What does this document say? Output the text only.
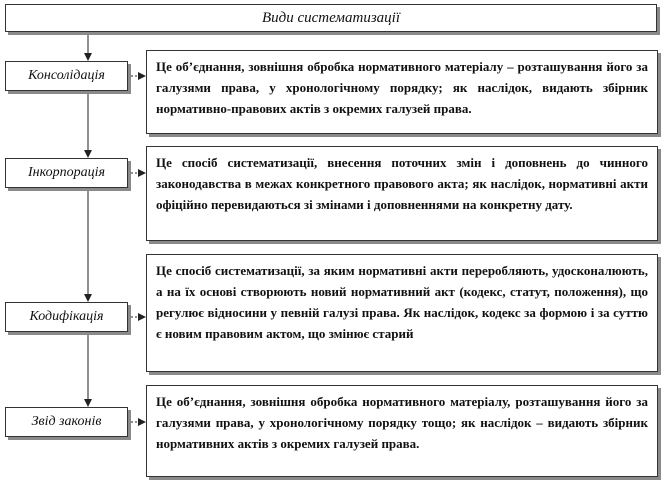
Види систематизації
Консолідація
Це об’єднання, зовнішня обробка нормативного матеріалу – розташування його за галузями права, у хронологічному порядку; як наслідок, видають збірник нормативно-правових актів з окремих галузей права.
Інкорпорація
Це спосіб систематизації, внесення поточних змін і доповнень до чинного законодавства в межах конкретного правового акта; як наслідок, нормативні акти офіційно перевидаються зі змінами і доповненнями на конкретну дату.
Кодифікація
Це спосіб систематизації, за яким нормативні акти переробляють, удосконалюють, а на їх основі створюють новий нормативний акт (кодекс, статут, положення), що регулює відносини у певній галузі права. Як наслідок, кодекс за формою і за суттю є новим правовим актом, що змінює старий
Звід законів
Це об’єднання, зовнішня обробка нормативного матеріалу, розташування його за галузями права, у хронологічному порядку тощо; як наслідок – видають збірник нормативних актів з окремих галузей права.
